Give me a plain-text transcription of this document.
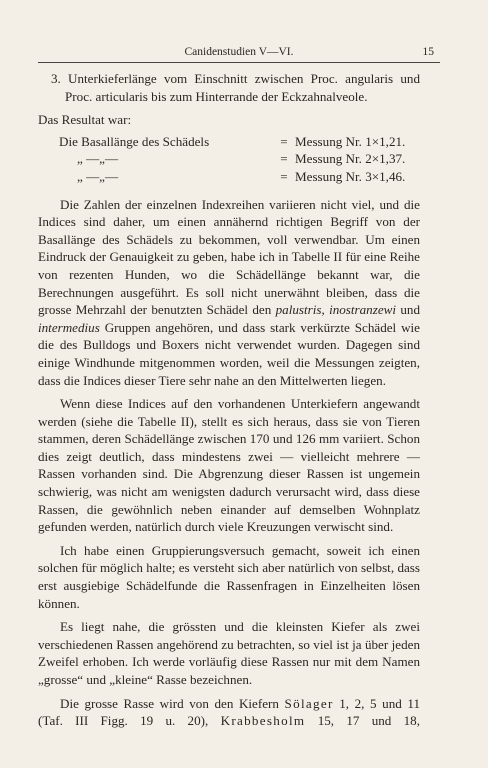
Canidenstudien V—VI.	15

3. Unterkieferlänge vom Einschnitt zwischen Proc. angularis und Proc. articularis bis zum Hinterrande der Eckzahnalveole.

Das Resultat war:

Die Basallänge des Schädels	=	Messung Nr. 1×1,21.
„ —„—	=	Messung Nr. 2×1,37.
„ —„—	=	Messung Nr. 3×1,46.

Die Zahlen der einzelnen Indexreihen variieren nicht viel, und die Indices sind daher, um einen annähernd richtigen Begriff von der Basallänge des Schädels zu bekommen, voll verwendbar. Um einen Eindruck der Genauigkeit zu geben, habe ich in Tabelle II für eine Reihe von rezenten Hunden, wo die Schädellänge bekannt war, die Berechnungen ausgeführt. Es soll nicht unerwähnt bleiben, dass die grosse Mehrzahl der benutzten Schädel den palustris, inostranzewi und intermedius Gruppen angehören, und dass stark verkürzte Schädel wie die des Bulldogs und Boxers nicht verwendet wurden. Dagegen sind einige Windhunde mitgenommen worden, weil die Messungen zeigten, dass die Indices dieser Tiere sehr nahe an den Mittelwerten liegen.

Wenn diese Indices auf den vorhandenen Unterkiefern angewandt werden (siehe die Tabelle II), stellt es sich heraus, dass sie von Tieren stammen, deren Schädellänge zwischen 170 und 126 mm variiert. Schon dies zeigt deutlich, dass mindestens zwei — vielleicht mehrere — Rassen vorhanden sind. Die Abgrenzung dieser Rassen ist ungemein schwierig, was nicht am wenigsten dadurch verursacht wird, dass diese Rassen, die gewöhnlich neben einander auf demselben Wohnplatz gefunden werden, natürlich durch viele Kreuzungen verwischt sind.

Ich habe einen Gruppierungsversuch gemacht, soweit ich einen solchen für möglich halte; es versteht sich aber natürlich von selbst, dass erst ausgiebige Schädelfunde die Rassenfragen in Einzelheiten lösen können.

Es liegt nahe, die grössten und die kleinsten Kiefer als zwei verschiedenen Rassen angehörend zu betrachten, so viel ist ja über jeden Zweifel erhoben. Ich werde vorläufig diese Rassen nur mit dem Namen „grosse“ und „kleine“ Rasse bezeichnen.

Die grosse Rasse wird von den Kiefern Sölager 1, 2, 5 und 11 (Taf. III Figg. 19 u. 20), Krabbesholm 15, 17 und 18,
